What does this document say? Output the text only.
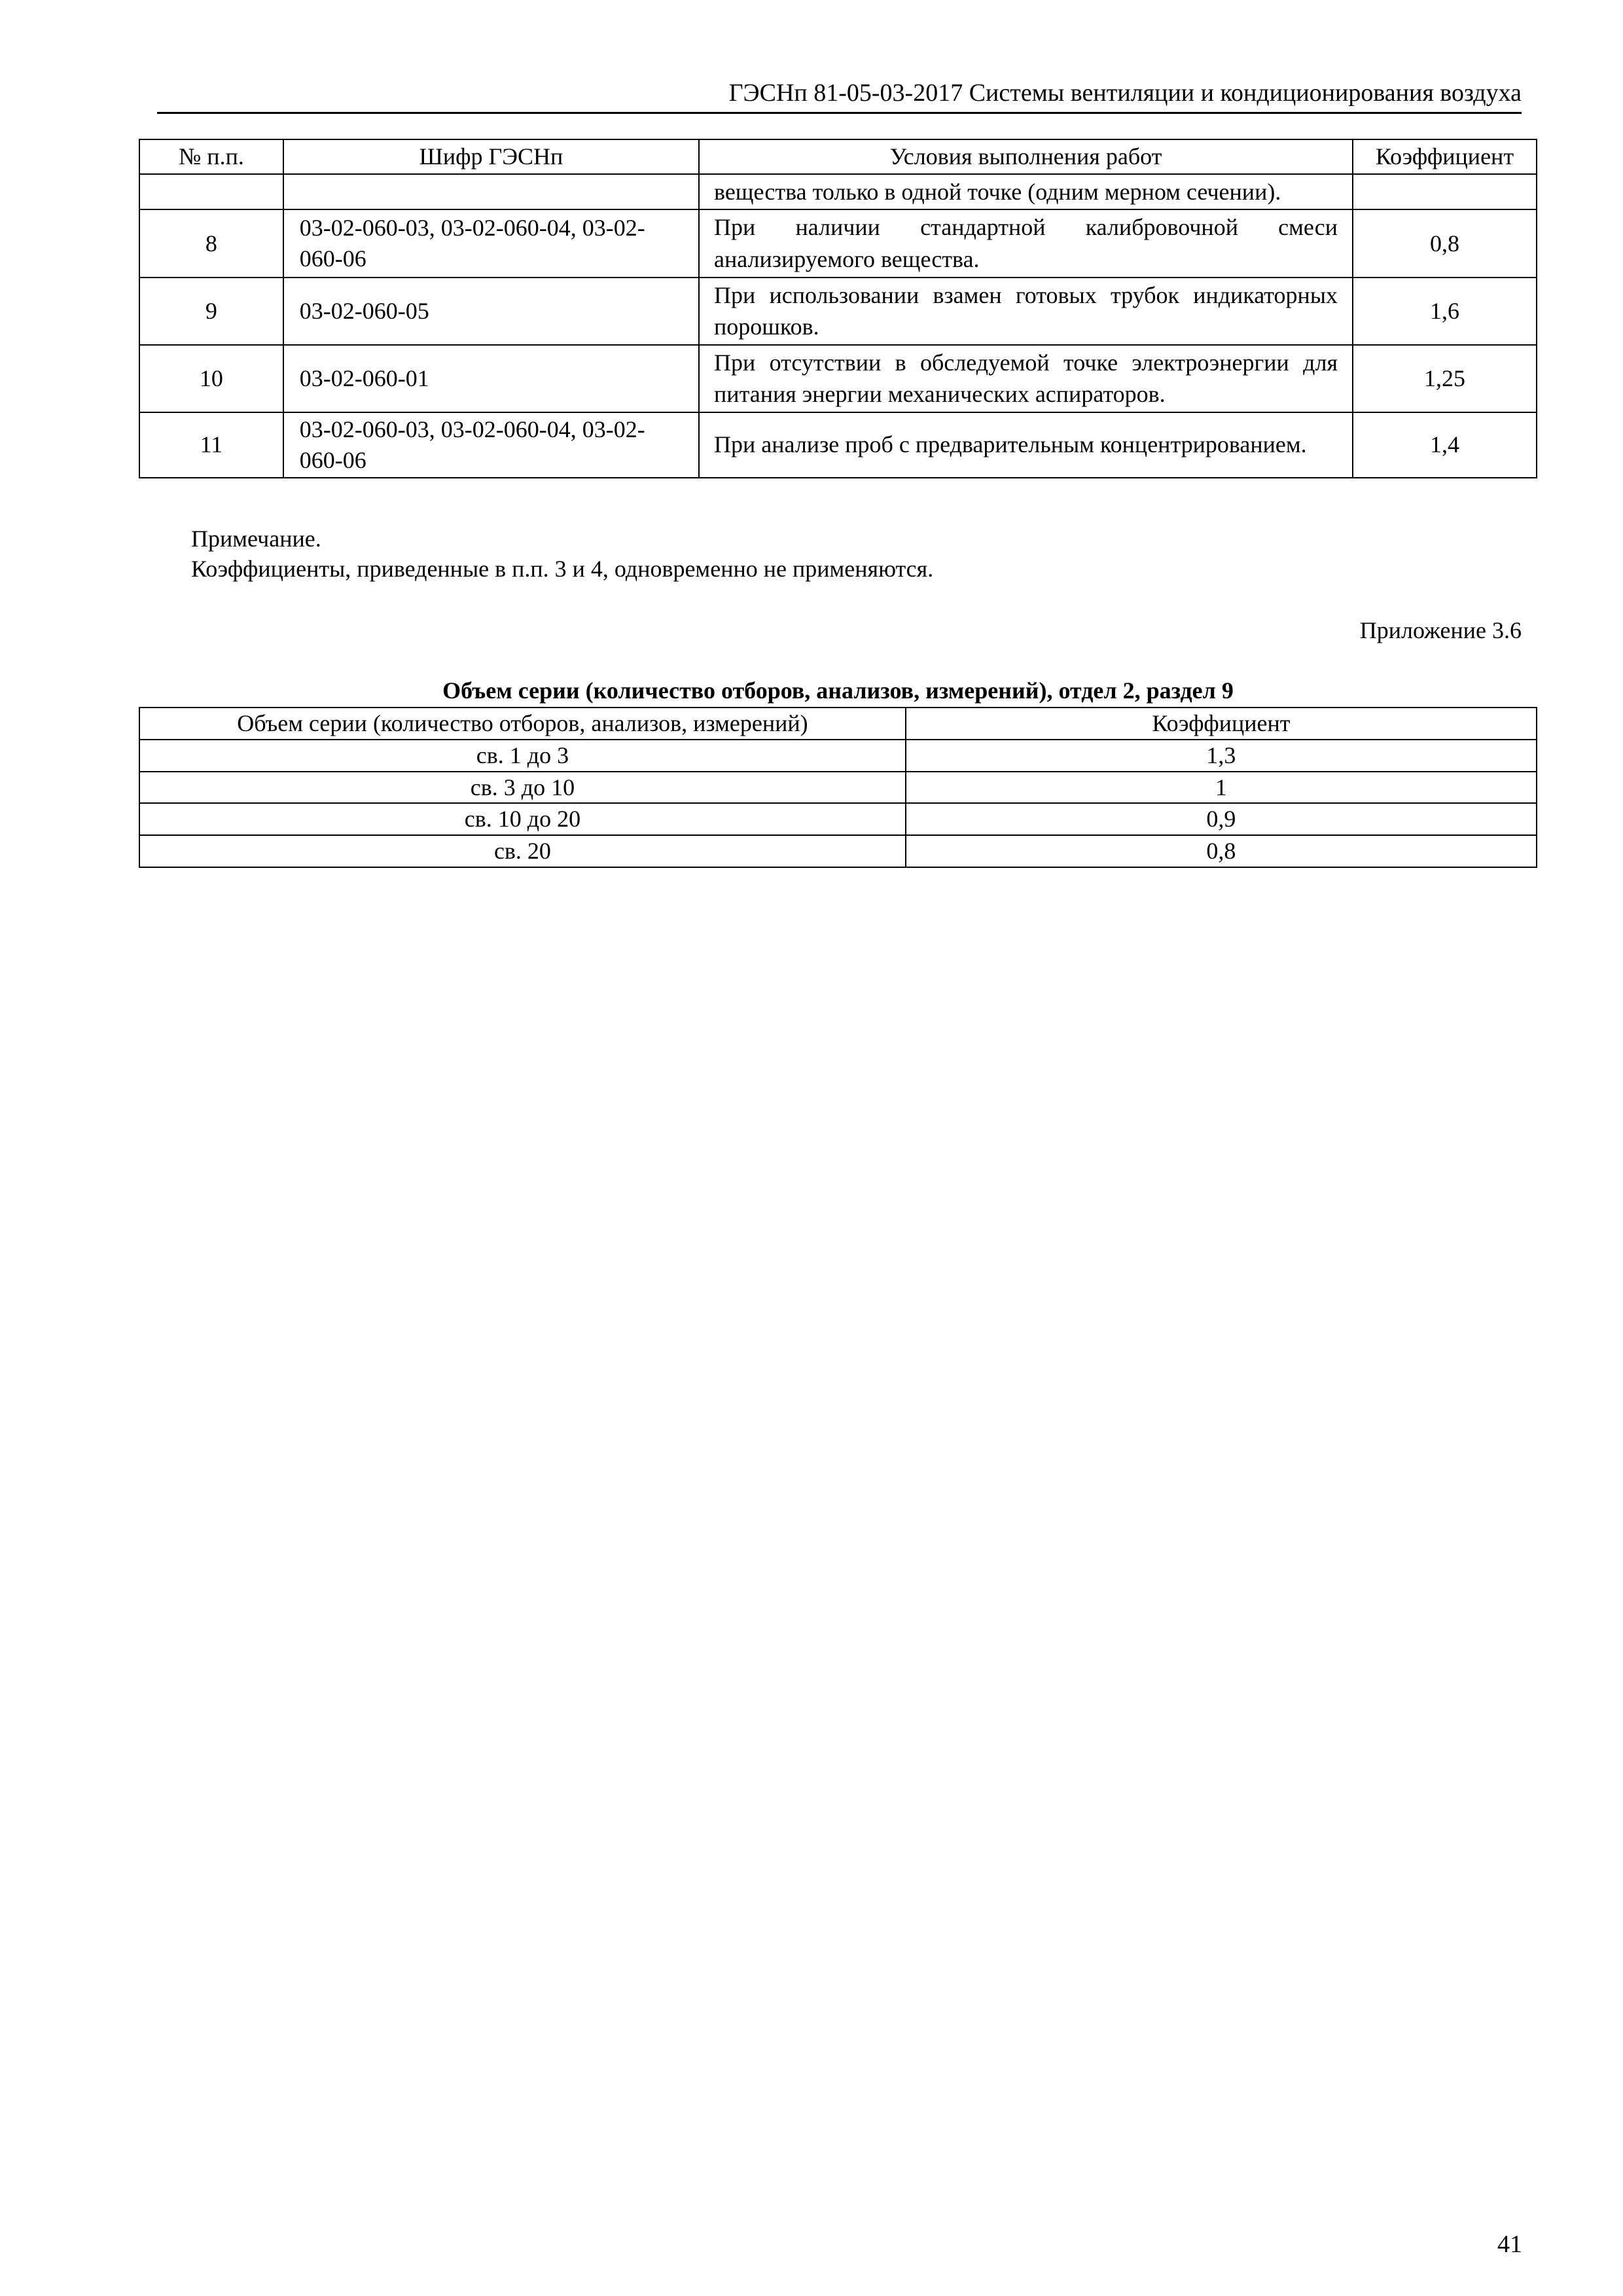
ГЭСНп 81-05-03-2017 Системы вентиляции и кондиционирования воздуха
№ п.п.	Шифр ГЭСНп	Условия выполнения работ	Коэффициент
		вещества только в одной точке (одним мерном сечении).	
8	03-02-060-03, 03-02-060-04, 03-02-060-06	При наличии стандартной калибровочной смеси анализируемого вещества.	0,8
9	03-02-060-05	При использовании взамен готовых трубок индикаторных порошков.	1,6
10	03-02-060-01	При отсутствии в обследуемой точке электроэнергии для питания энергии механических аспираторов.	1,25
11	03-02-060-03, 03-02-060-04, 03-02-060-06	При анализе проб с предварительным концентрированием.	1,4
Примечание.
Коэффициенты, приведенные в п.п. 3 и 4, одновременно не применяются.
Приложение 3.6
Объем серии (количество отборов, анализов, измерений), отдел 2, раздел 9
Объем серии (количество отборов, анализов, измерений)	Коэффициент
св. 1 до 3	1,3
св. 3 до 10	1
св. 10 до 20	0,9
св. 20	0,8
41
